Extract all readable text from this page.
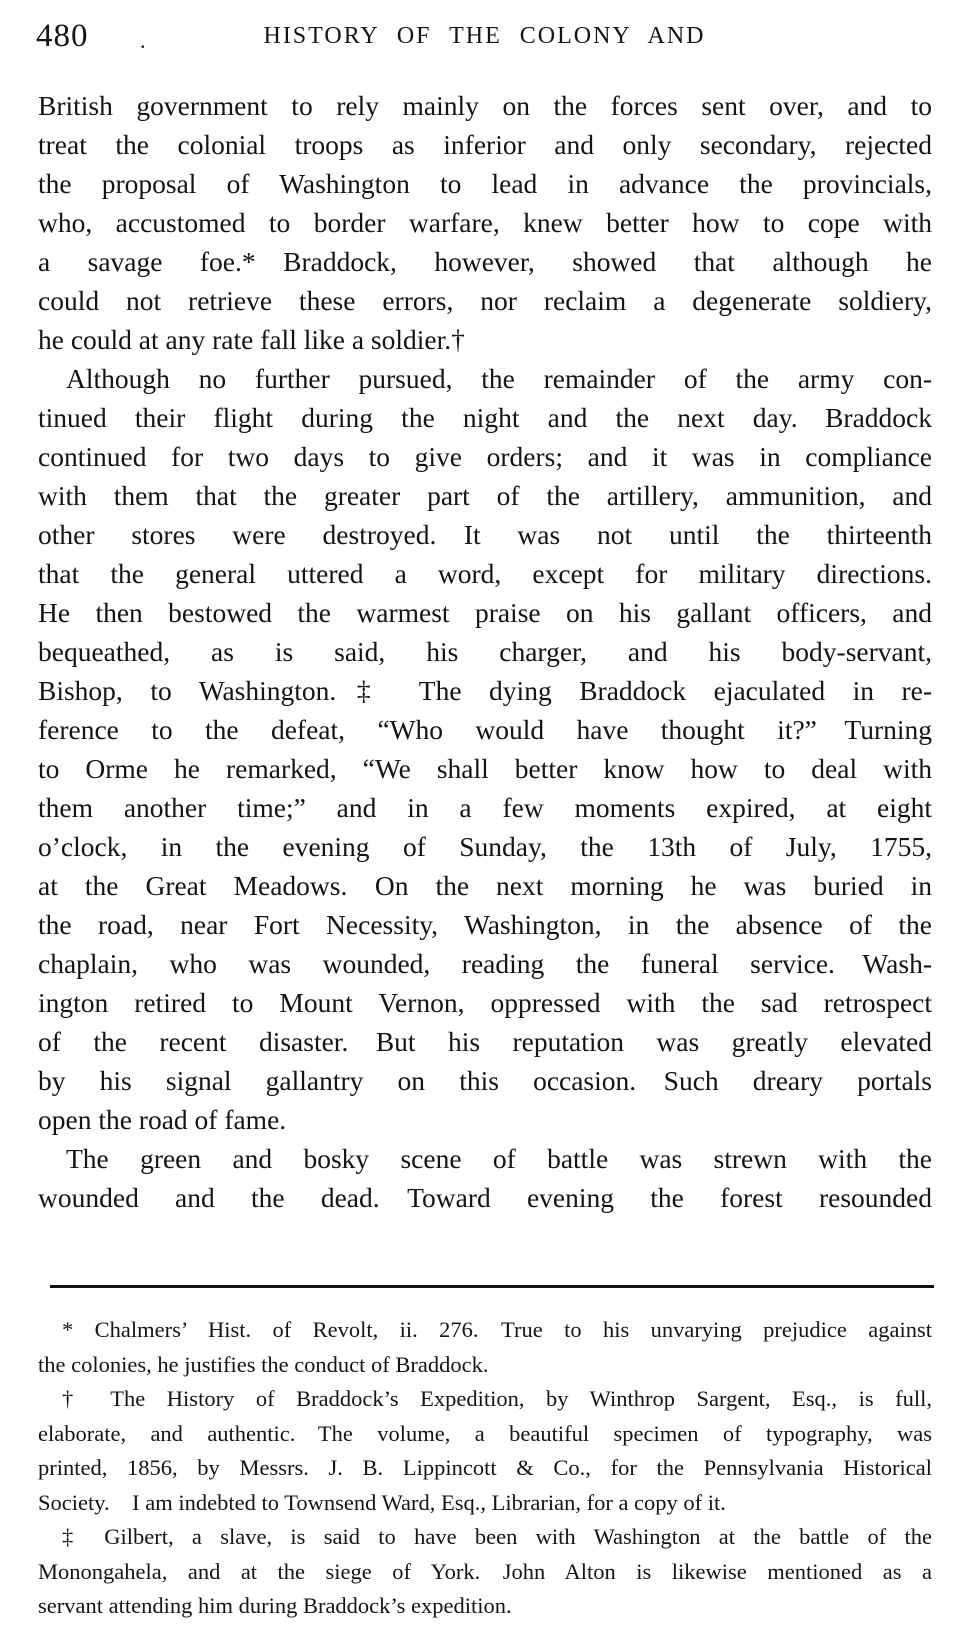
480 .	HISTORY OF THE COLONY AND
British government to rely mainly on the forces sent over, and to
treat the colonial troops as inferior and only secondary, rejected
the proposal of Washington to lead in advance the provincials,
who, accustomed to border warfare, knew better how to cope with
a savage foe.* Braddock, however, showed that although he
could not retrieve these errors, nor reclaim a degenerate soldiery,
he could at any rate fall like a soldier.†
Although no further pursued, the remainder of the army con-
tinued their flight during the night and the next day. Braddock
continued for two days to give orders; and it was in compliance
with them that the greater part of the artillery, ammunition, and
other stores were destroyed. It was not until the thirteenth
that the general uttered a word, except for military directions.
He then bestowed the warmest praise on his gallant officers, and
bequeathed, as is said, his charger, and his body-servant,
Bishop, to Washington.‡ The dying Braddock ejaculated in re-
ference to the defeat, “Who would have thought it?” Turning
to Orme he remarked, “We shall better know how to deal with
them another time;” and in a few moments expired, at eight
o’clock, in the evening of Sunday, the 13th of July, 1755,
at the Great Meadows. On the next morning he was buried in
the road, near Fort Necessity, Washington, in the absence of the
chaplain, who was wounded, reading the funeral service. Wash-
ington retired to Mount Vernon, oppressed with the sad retrospect
of the recent disaster. But his reputation was greatly elevated
by his signal gallantry on this occasion. Such dreary portals
open the road of fame.
The green and bosky scene of battle was strewn with the
wounded and the dead. Toward evening the forest resounded
* Chalmers’ Hist. of Revolt, ii. 276. True to his unvarying prejudice against
the colonies, he justifies the conduct of Braddock.
† The History of Braddock’s Expedition, by Winthrop Sargent, Esq., is full,
elaborate, and authentic. The volume, a beautiful specimen of typography, was
printed, 1856, by Messrs. J. B. Lippincott & Co., for the Pennsylvania Historical
Society. I am indebted to Townsend Ward, Esq., Librarian, for a copy of it.
‡ Gilbert, a slave, is said to have been with Washington at the battle of the
Monongahela, and at the siege of York. John Alton is likewise mentioned as a
servant attending him during Braddock’s expedition.
